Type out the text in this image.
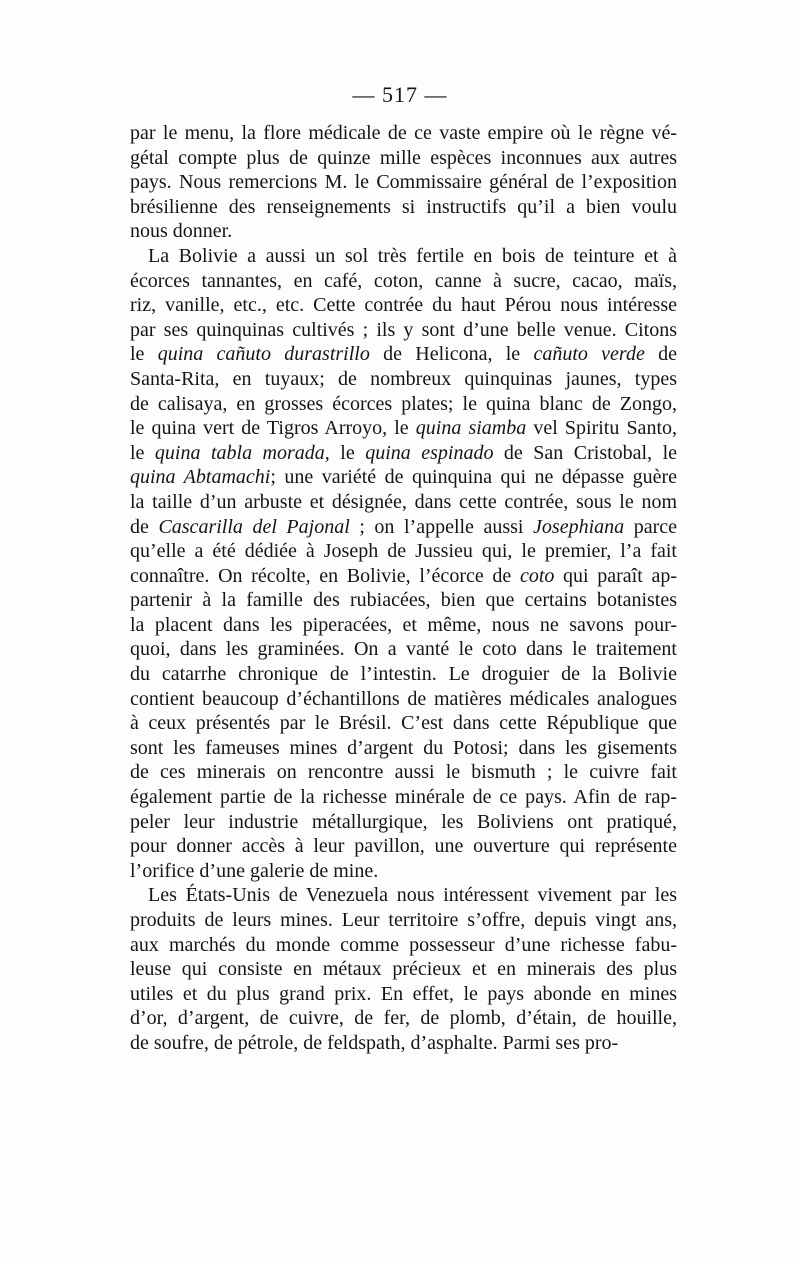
— 517 —
par le menu, la flore médicale de ce vaste empire où le règne vé-
gétal compte plus de quinze mille espèces inconnues aux autres
pays. Nous remercions M. le Commissaire général de l’exposition
brésilienne des renseignements si instructifs qu’il a bien voulu
nous donner.
La Bolivie a aussi un sol très fertile en bois de teinture et à
écorces tannantes, en café, coton, canne à sucre, cacao, maïs,
riz, vanille, etc., etc. Cette contrée du haut Pérou nous intéresse
par ses quinquinas cultivés ; ils y sont d’une belle venue. Citons
le quina cañuto durastrillo de Helicona, le cañuto verde de
Santa-Rita, en tuyaux; de nombreux quinquinas jaunes, types
de calisaya, en grosses écorces plates; le quina blanc de Zongo,
le quina vert de Tigros Arroyo, le quina siamba vel Spiritu Santo,
le quina tabla morada, le quina espinado de San Cristobal, le
quina Abtamachi; une variété de quinquina qui ne dépasse guère
la taille d’un arbuste et désignée, dans cette contrée, sous le nom
de Cascarilla del Pajonal ; on l’appelle aussi Josephiana parce
qu’elle a été dédiée à Joseph de Jussieu qui, le premier, l’a fait
connaître. On récolte, en Bolivie, l’écorce de coto qui paraît ap-
partenir à la famille des rubiacées, bien que certains botanistes
la placent dans les piperacées, et même, nous ne savons pour-
quoi, dans les graminées. On a vanté le coto dans le traitement
du catarrhe chronique de l’intestin. Le droguier de la Bolivie
contient beaucoup d’échantillons de matières médicales analogues
à ceux présentés par le Brésil. C’est dans cette République que
sont les fameuses mines d’argent du Potosi; dans les gisements
de ces minerais on rencontre aussi le bismuth ; le cuivre fait
également partie de la richesse minérale de ce pays. Afin de rap-
peler leur industrie métallurgique, les Boliviens ont pratiqué,
pour donner accès à leur pavillon, une ouverture qui représente
l’orifice d’une galerie de mine.
Les États-Unis de Venezuela nous intéressent vivement par les
produits de leurs mines. Leur territoire s’offre, depuis vingt ans,
aux marchés du monde comme possesseur d’une richesse fabu-
leuse qui consiste en métaux précieux et en minerais des plus
utiles et du plus grand prix. En effet, le pays abonde en mines
d’or, d’argent, de cuivre, de fer, de plomb, d’étain, de houille,
de soufre, de pétrole, de feldspath, d’asphalte. Parmi ses pro-
